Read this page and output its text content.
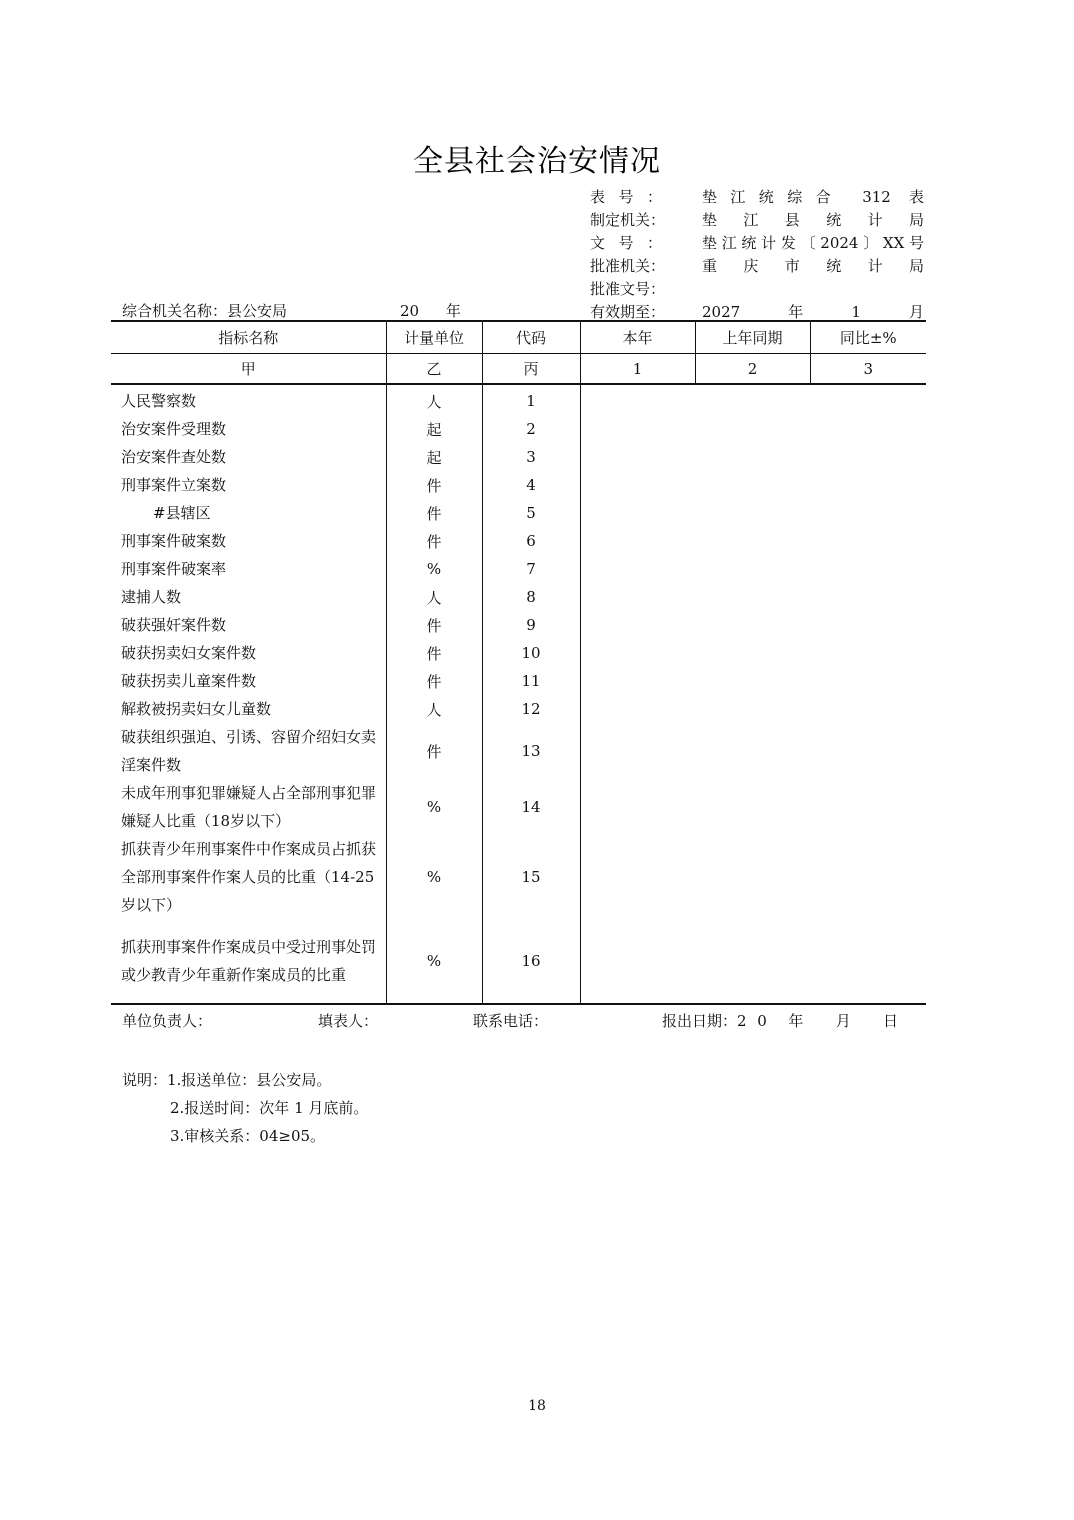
全县社会治安情况
表号：	垫江统综合 312 表
制定机关： 垫江县统计局
文号：	垫江统计发〔2024〕XX号
批准机关： 重庆市统计局
批准文号：
有效期至： 2027年1月
综合机关名称：县公安局	20 年
指标名称	计量单位	代码	本年	上年同期	同比±%
甲	乙	丙	1	2	3
人民警察数	人	1			
治安案件受理数	起	2			
治安案件查处数	起	3			
刑事案件立案数	件	4			
#县辖区	件	5			
刑事案件破案数	件	6			
刑事案件破案率	%	7			
逮捕人数	人	8			
破获强奸案件数	件	9			
破获拐卖妇女案件数	件	10			
破获拐卖儿童案件数	件	11			
解救被拐卖妇女儿童数	人	12			
破获组织强迫、引诱、容留介绍妇女卖淫案件数	件	13			
未成年刑事犯罪嫌疑人占全部刑事犯罪嫌疑人比重（18岁以下）	%	14			
抓获青少年刑事案件中作案成员占抓获全部刑事案件作案人员的比重（14-25岁以下）	%	15			
抓获刑事案件作案成员中受过刑事处罚或少教青少年重新作案成员的比重	%	16			
单位负责人：	填表人：	联系电话：	报出日期：2 0  年   月   日
说明：1.报送单位：县公安局。
2.报送时间：次年 1 月底前。
3.审核关系：04≥05。
18
